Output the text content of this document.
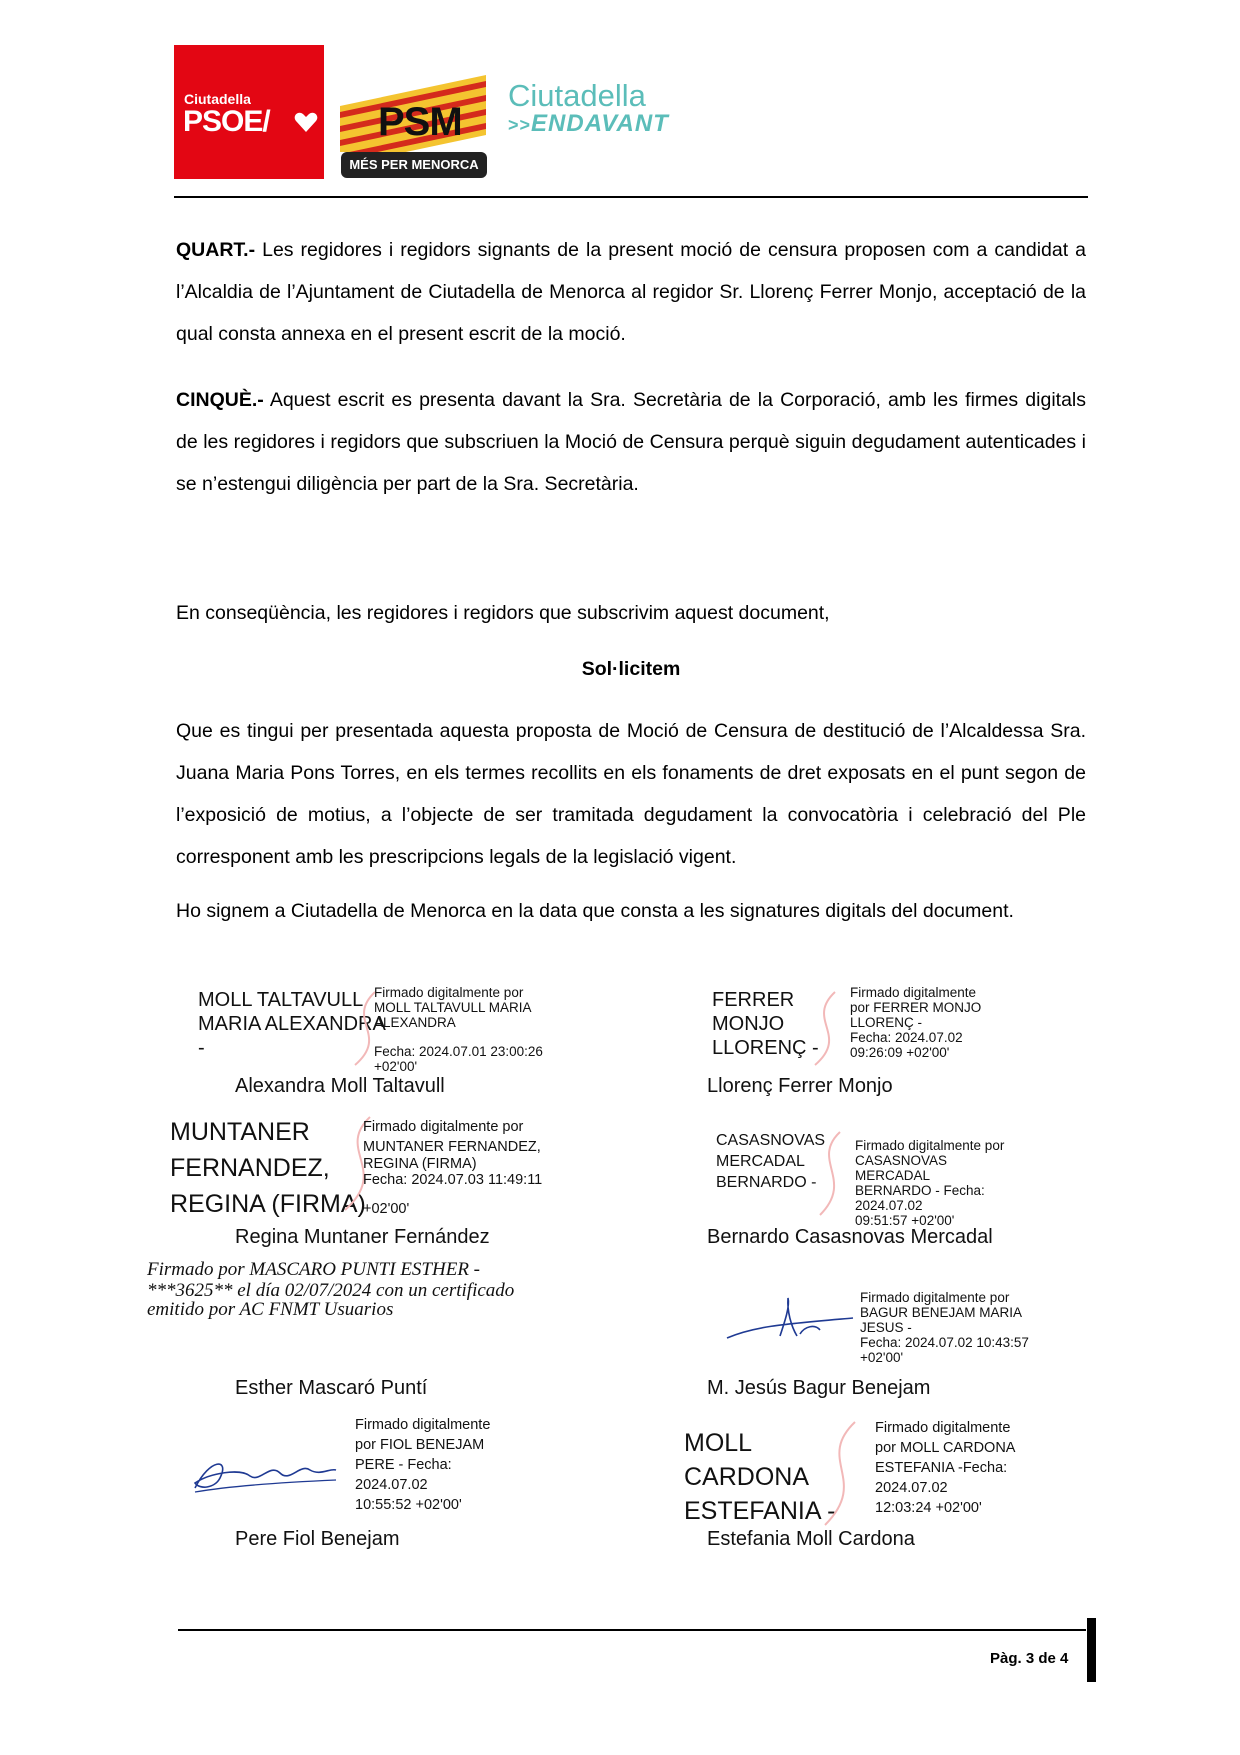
Ciutadella
PSOE/	PSM
MÉS PER MENORCA
Ciutadella
>>ENDAVANT
QUART.- Les regidores i regidors signants de la present moció de censura proposen com a candidat a l’Alcaldia de l’Ajuntament de Ciutadella de Menorca al regidor Sr. Llorenç Ferrer Monjo, acceptació de la qual consta annexa en el present escrit de la moció.
CINQUÈ.- Aquest escrit es presenta davant la Sra. Secretària de la Corporació, amb les firmes digitals de les regidores i regidors que subscriuen la Moció de Censura perquè siguin degudament autenticades i se n’estengui diligència per part de la Sra. Secretària.
En conseqüència, les regidores i regidors que subscrivim aquest document,
Sol·licitem
Que es tingui per presentada aquesta proposta de Moció de Censura de destitució de l’Alcaldessa Sra. Juana Maria Pons Torres, en els termes recollits en els fonaments de dret exposats en el punt segon de l’exposició de motius, a l’objecte de ser tramitada degudament la convocatòria i celebració del Ple corresponent amb les prescripcions legals de la legislació vigent.
Ho signem a Ciutadella de Menorca en la data que consta a les signatures digitals del document.
MOLL TALTAVULL
MARIA ALEXANDRA
-
Firmado digitalmente por
MOLL TALTAVULL MARIA
ALEXANDRA
Fecha: 2024.07.01 23:00:26
+02'00'
Alexandra Moll Taltavull
FERRER MONJO
LLORENÇ -
Firmado digitalmente
por FERRER MONJO
LLORENÇ -
Fecha: 2024.07.02
09:26:09 +02'00'
Llorenç Ferrer Monjo
MUNTANER
FERNANDEZ,
REGINA (FIRMA)
Firmado digitalmente por
MUNTANER FERNANDEZ,
REGINA (FIRMA)
Fecha: 2024.07.03 11:49:11
+02'00'
Regina Muntaner Fernández
CASASNOVAS
MERCADAL
BERNARDO -
Firmado digitalmente por
CASASNOVAS MERCADAL
BERNARDO - Fecha:
2024.07.02
09:51:57 +02'00'
Bernardo Casasnovas Mercadal
Firmado por MASCARO PUNTI ESTHER -
***3625** el día 02/07/2024 con un certificado
emitido por AC FNMT Usuarios
Esther Mascaró Puntí
Firmado digitalmente por
BAGUR BENEJAM MARIA
JESUS -
Fecha: 2024.07.02 10:43:57
+02'00'
M. Jesús Bagur Benejam
Firmado digitalmente
por FIOL BENEJAM
PERE - Fecha:
2024.07.02
10:55:52 +02'00'
Pere Fiol Benejam
MOLL CARDONA
ESTEFANIA -
Firmado digitalmente
por MOLL CARDONA
ESTEFANIA -Fecha:
2024.07.02
12:03:24 +02'00'
Estefania Moll Cardona
Pàg. 3 de 4
